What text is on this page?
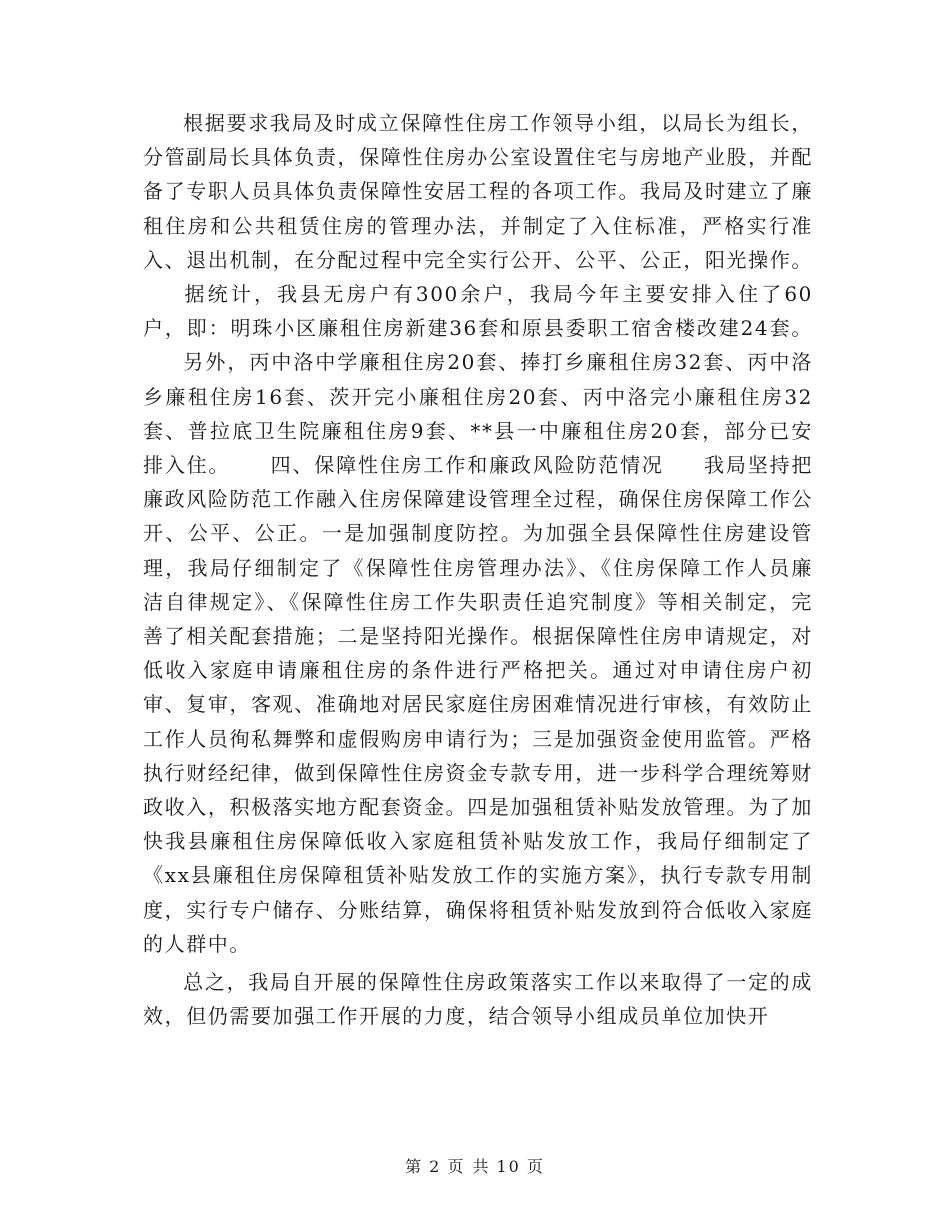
根据要求我局及时成立保障性住房工作领导小组，以局长为组长，分管副局长具体负责，保障性住房办公室设置住宅与房地产业股，并配备了专职人员具体负责保障性安居工程的各项工作。我局及时建立了廉租住房和公共租赁住房的管理办法，并制定了入住标准，严格实行准入、退出机制，在分配过程中完全实行公开、公平、公正，阳光操作。据统计，我县无房户有300余户，我局今年主要安排入住了60户，即：明珠小区廉租住房新建36套和原县委职工宿舍楼改建24套。另外，丙中洛中学廉租住房20套、捧打乡廉租住房32套、丙中洛乡廉租住房16套、茨开完小廉租住房20套、丙中洛完小廉租住房32套、普拉底卫生院廉租住房9套、**县一中廉租住房20套，部分已安排入住。 四、保障性住房工作和廉政风险防范情况 我局坚持把廉政风险防范工作融入住房保障建设管理全过程，确保住房保障工作公开、公平、公正。一是加强制度防控。为加强全县保障性住房建设管理，我局仔细制定了《保障性住房管理办法》、《住房保障工作人员廉洁自律规定》、《保障性住房工作失职责任追究制度》等相关制定，完善了相关配套措施；二是坚持阳光操作。根据保障性住房申请规定，对低收入家庭申请廉租住房的条件进行严格把关。通过对申请住房户初审、复审，客观、准确地对居民家庭住房困难情况进行审核，有效防止工作人员徇私舞弊和虚假购房申请行为；三是加强资金使用监管。严格执行财经纪律，做到保障性住房资金专款专用，进一步科学合理统筹财政收入，积极落实地方配套资金。四是加强租赁补贴发放管理。为了加快我县廉租住房保障低收入家庭租赁补贴发放工作，我局仔细制定了《xx县廉租住房保障租赁补贴发放工作的实施方案》，执行专款专用制度，实行专户储存、分账结算，确保将租赁补贴发放到符合低收入家庭的人群中。

总之，我局自开展的保障性住房政策落实工作以来取得了一定的成效，但仍需要加强工作开展的力度，结合领导小组成员单位加快开

第 2 页 共 10 页
